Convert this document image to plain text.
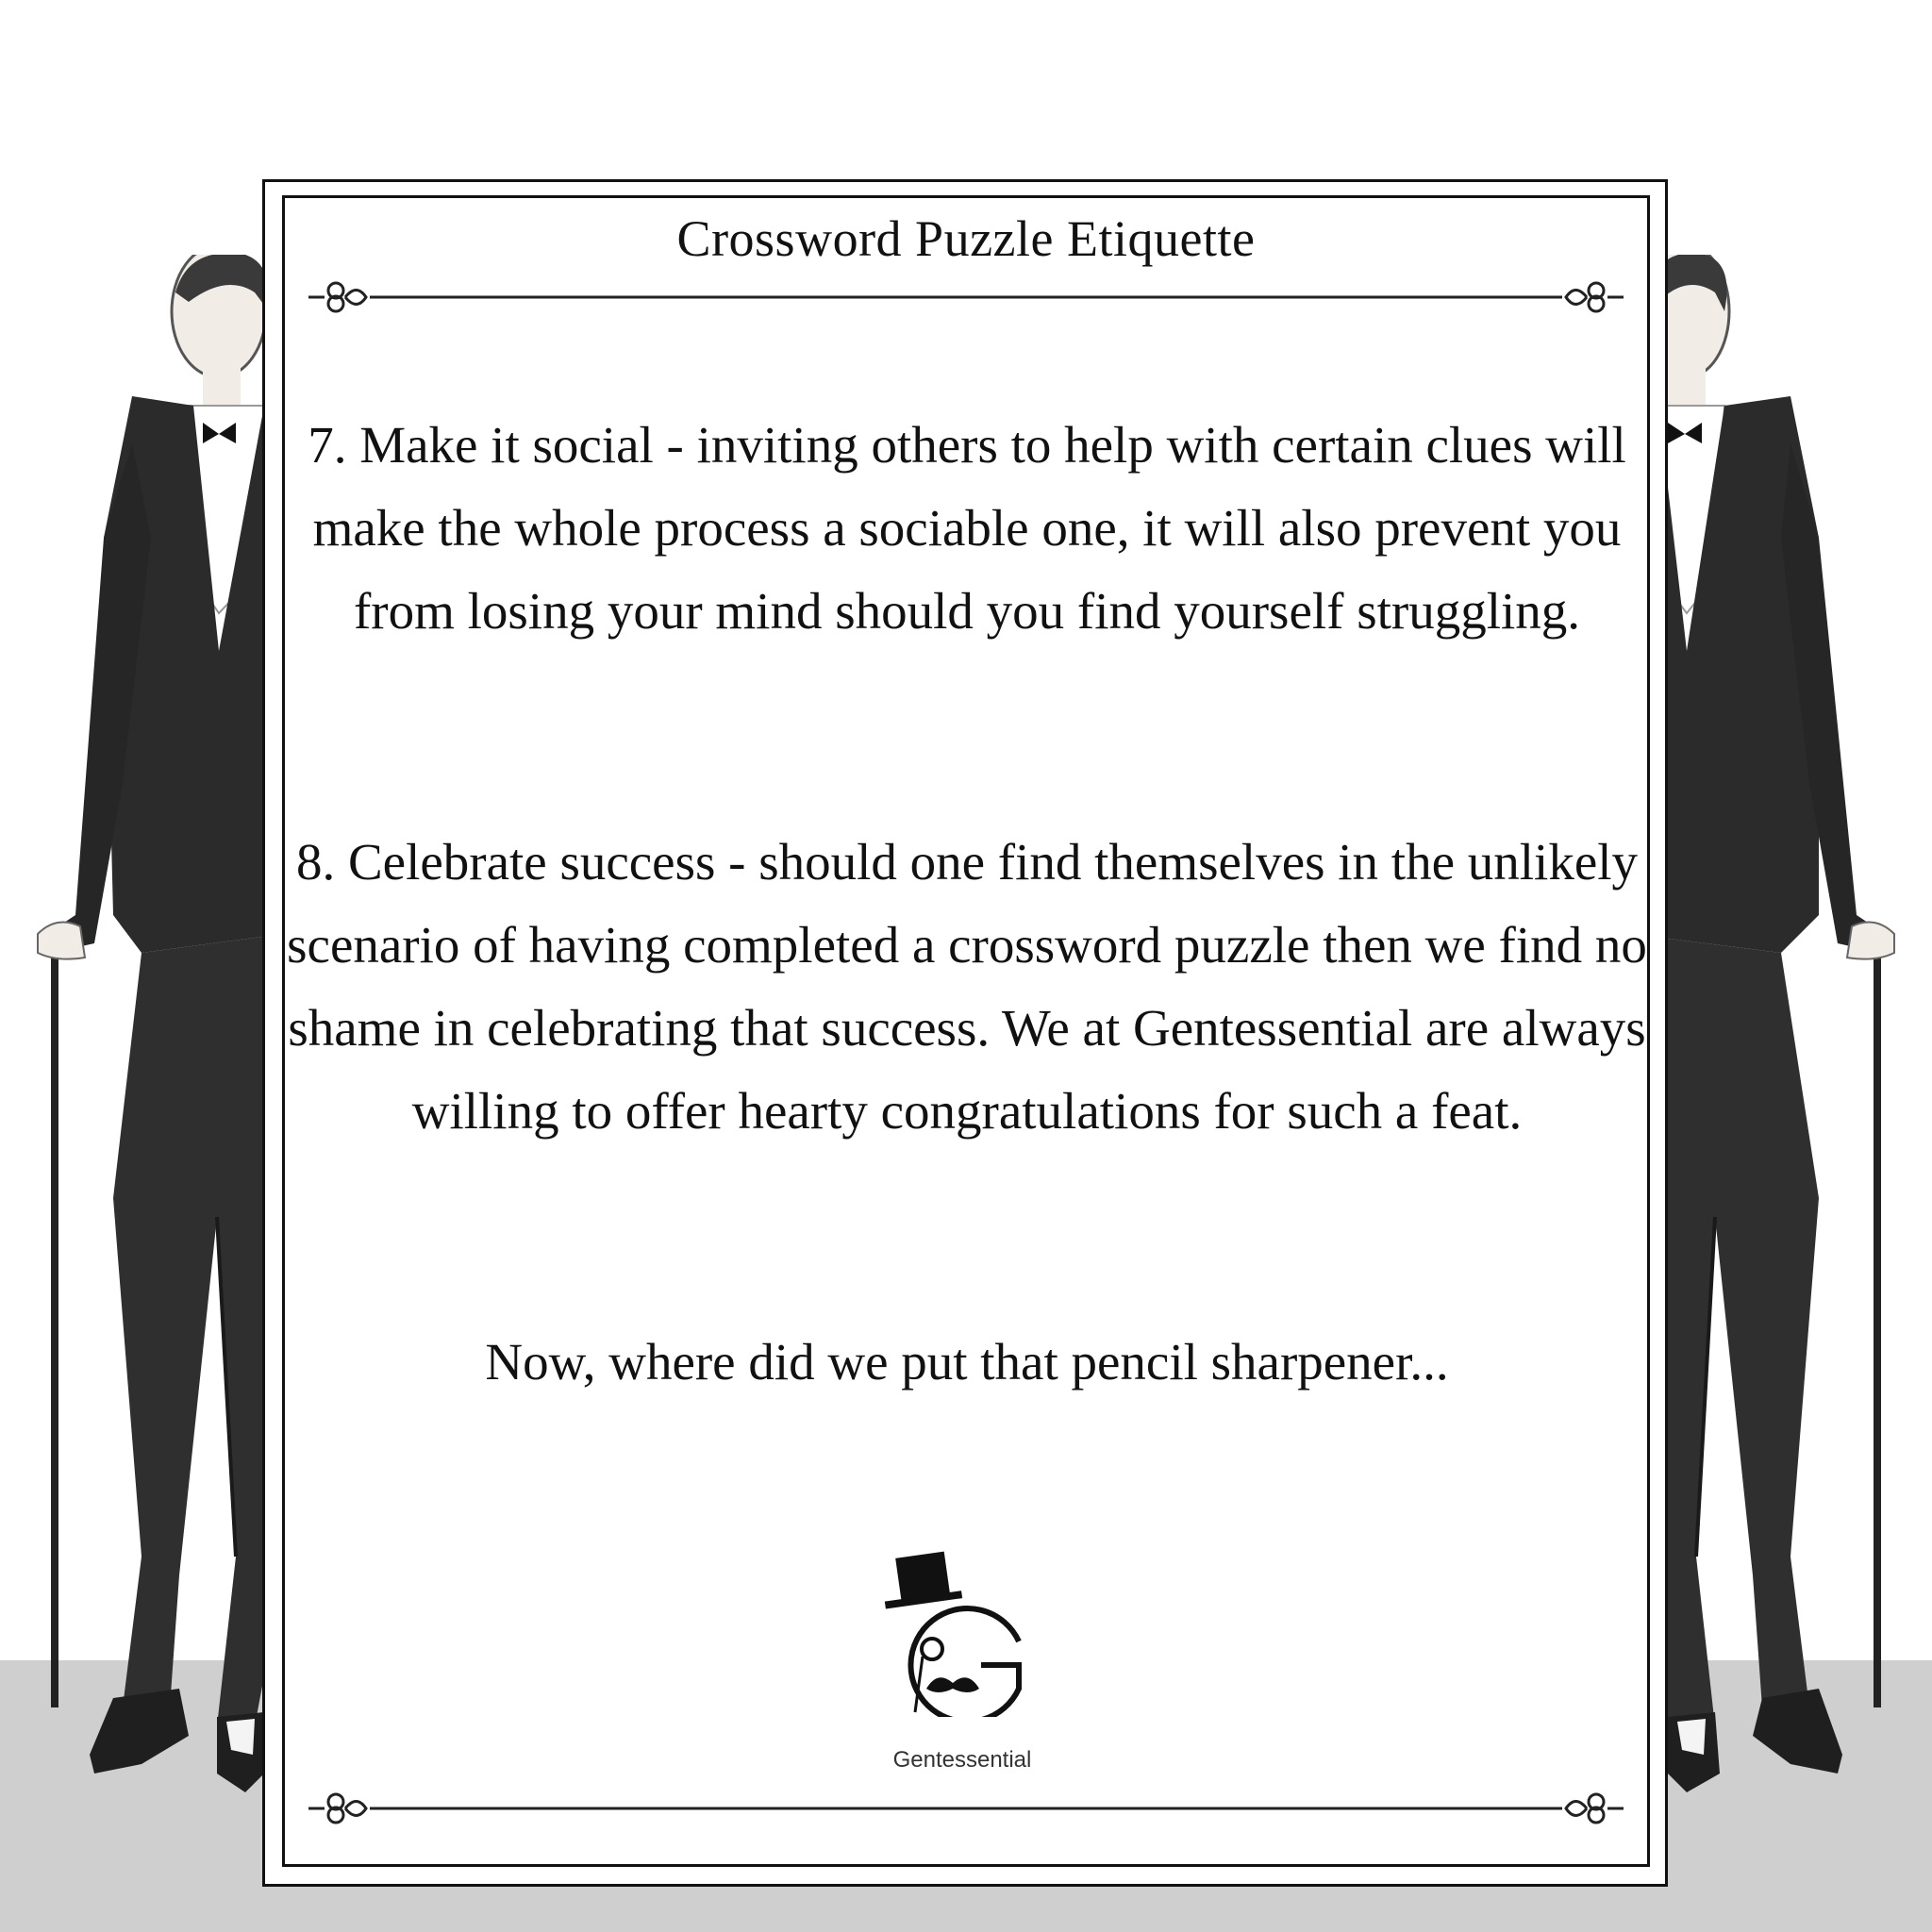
Crossword Puzzle Etiquette
7. Make it social - inviting others to help with certain clues will make the whole process a sociable one, it will also prevent you from losing your mind should you find yourself struggling.
8. Celebrate success - should one find themselves in the unlikely scenario of having completed a crossword puzzle then we find no shame in celebrating that success. We at Gentessential are always willing to offer hearty congratulations for such a feat.
Now, where did we put that pencil sharpener...
Gentessential
